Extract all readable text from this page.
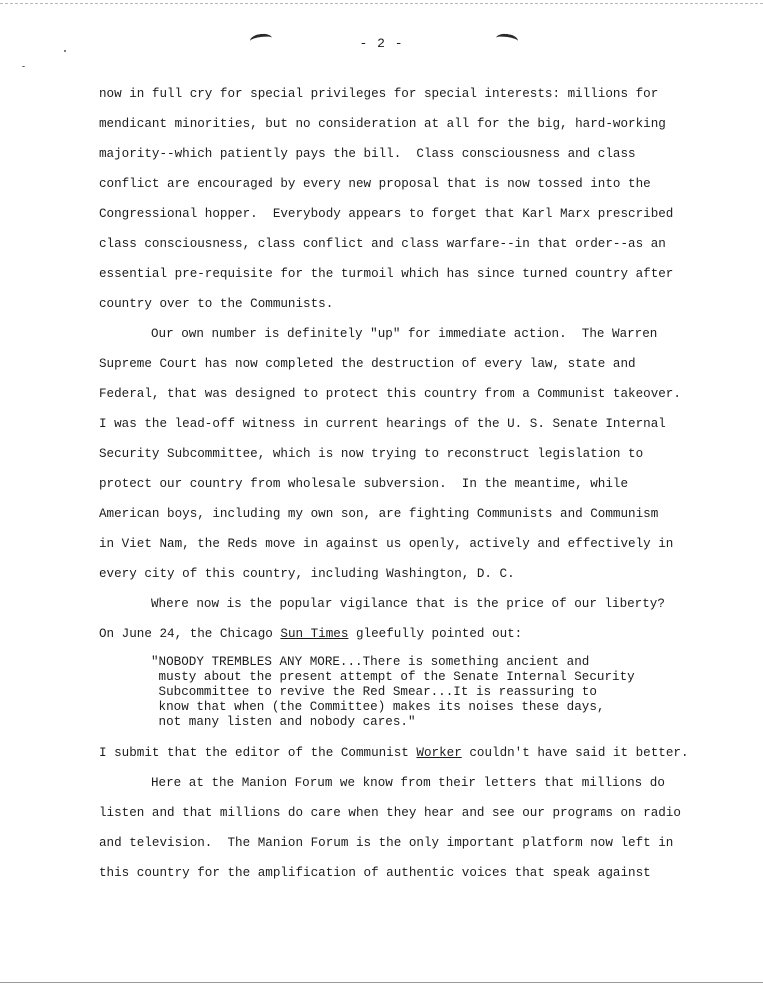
- 2 -
now in full cry for special privileges for special interests: millions for
mendicant minorities, but no consideration at all for the big, hard-working
majority--which patiently pays the bill.  Class consciousness and class
conflict are encouraged by every new proposal that is now tossed into the
Congressional hopper.  Everybody appears to forget that Karl Marx prescribed
class consciousness, class conflict and class warfare--in that order--as an
essential pre-requisite for the turmoil which has since turned country after
country over to the Communists.
Our own number is definitely "up" for immediate action.  The Warren
Supreme Court has now completed the destruction of every law, state and
Federal, that was designed to protect this country from a Communist takeover.
I was the lead-off witness in current hearings of the U. S. Senate Internal
Security Subcommittee, which is now trying to reconstruct legislation to
protect our country from wholesale subversion.  In the meantime, while
American boys, including my own son, are fighting Communists and Communism
in Viet Nam, the Reds move in against us openly, actively and effectively in
every city of this country, including Washington, D. C.
Where now is the popular vigilance that is the price of our liberty?
On June 24, the Chicago Sun Times gleefully pointed out:
"NOBODY TREMBLES ANY MORE...There is something ancient and
musty about the present attempt of the Senate Internal Security
Subcommittee to revive the Red Smear...It is reassuring to
know that when (the Committee) makes its noises these days,
not many listen and nobody cares."
I submit that the editor of the Communist Worker couldn't have said it better.
Here at the Manion Forum we know from their letters that millions do
listen and that millions do care when they hear and see our programs on radio
and television.  The Manion Forum is the only important platform now left in
this country for the amplification of authentic voices that speak against
